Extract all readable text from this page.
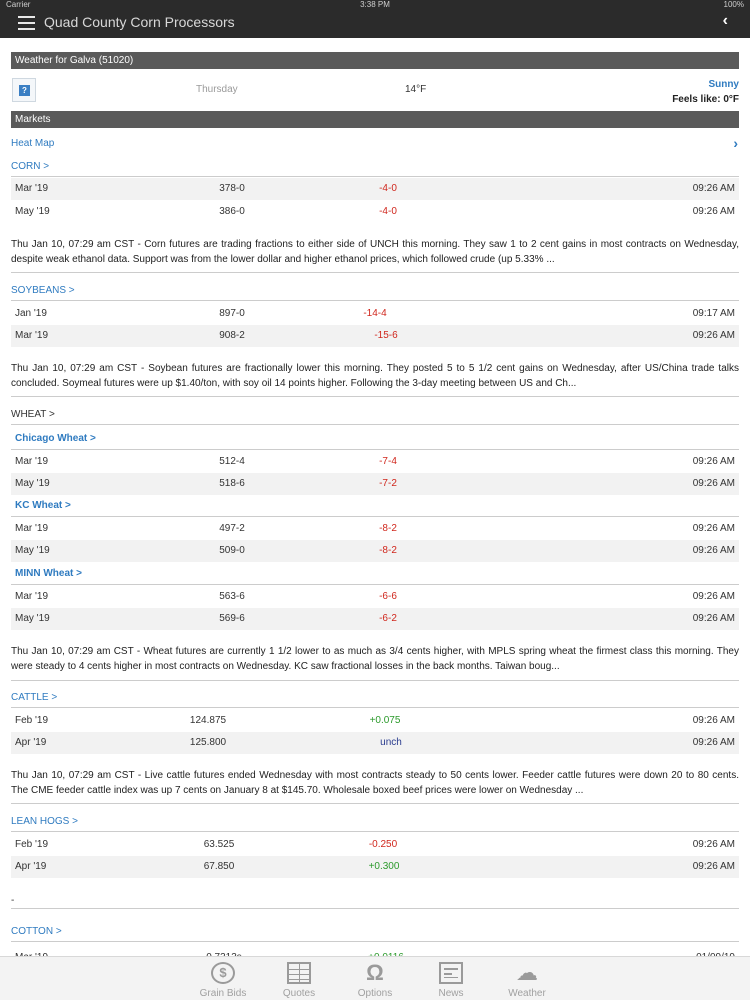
Carrier	3:38 PM	100%
Quad County Corn Processors	‹
Weather for Galva (51020)
?	Thursday	14°F	Sunny
Feels like: 0°F
Markets
Heat Map	›
CORN >
Mar '19	378-0	-4-0	09:26 AM
May '19	386-0	-4-0	09:26 AM
Thu Jan 10, 07:29 am CST - Corn futures are trading fractions to either side of UNCH this morning. They saw 1 to 2 cent gains in most contracts on Wednesday, despite weak ethanol data. Support was from the lower dollar and higher ethanol prices, which followed crude (up 5.33% ...
SOYBEANS >
Jan '19	897-0	-14-4	09:17 AM
Mar '19	908-2	-15-6	09:26 AM
Thu Jan 10, 07:29 am CST - Soybean futures are fractionally lower this morning. They posted 5 to 5 1/2 cent gains on Wednesday, after US/China trade talks concluded. Soymeal futures were up $1.40/ton, with soy oil 14 points higher. Following the 3-day meeting between US and Ch...
WHEAT >
Chicago Wheat >
Mar '19	512-4	-7-4	09:26 AM
May '19	518-6	-7-2	09:26 AM
KC Wheat >
Mar '19	497-2	-8-2	09:26 AM
May '19	509-0	-8-2	09:26 AM
MINN Wheat >
Mar '19	563-6	-6-6	09:26 AM
May '19	569-6	-6-2	09:26 AM
Thu Jan 10, 07:29 am CST - Wheat futures are currently 1 1/2 lower to as much as 3/4 cents higher, with MPLS spring wheat the firmest class this morning. They were steady to 4 cents higher in most contracts on Wednesday. KC saw fractional losses in the back months. Taiwan boug...
CATTLE >
Feb '19	124.875	+0.075	09:26 AM
Apr '19	125.800	unch	09:26 AM
Thu Jan 10, 07:29 am CST - Live cattle futures ended Wednesday with most contracts steady to 50 cents lower. Feeder cattle futures were down 20 to 80 cents. The CME feeder cattle index was up 7 cents on January 8 at $145.70. Wholesale boxed beef prices were lower on Wednesday ...
LEAN HOGS >
Feb '19	63.525	-0.250	09:26 AM
Apr '19	67.850	+0.300	09:26 AM
-
COTTON >
$
Grain Bids	Quotes
Ω
Options	News
☁
Weather
